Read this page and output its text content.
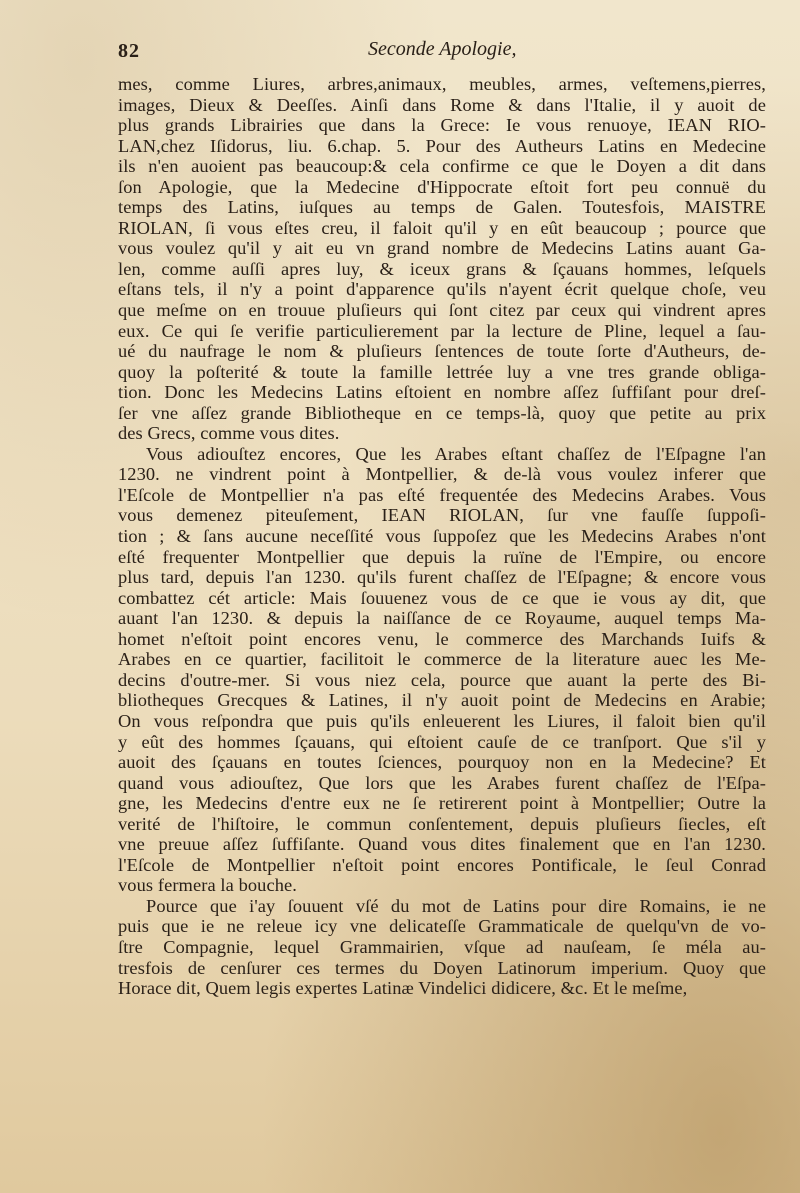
82	Seconde Apologie,
mes, comme Liures, arbres,animaux, meubles, armes, veſtemens,pierres,
images, Dieux & Deeſſes. Ainſi dans Rome & dans l'Italie, il y auoit de
plus grands Librairies que dans la Grece: Ie vous renuoye, IEAN RIO-
LAN,chez Iſidorus, liu. 6.chap. 5. Pour des Autheurs Latins en Medecine
ils n'en auoient pas beaucoup:& cela confirme ce que le Doyen a dit dans
ſon Apologie, que la Medecine d'Hippocrate eſtoit fort peu connuë du
temps des Latins, iuſques au temps de Galen. Toutesfois, MAISTRE
RIOLAN, ſi vous eſtes creu, il faloit qu'il y en eût beaucoup ; pource que
vous voulez qu'il y ait eu vn grand nombre de Medecins Latins auant Ga-
len, comme auſſi apres luy, & iceux grans & ſçauans hommes, leſquels
eſtans tels, il n'y a point d'apparence qu'ils n'ayent écrit quelque choſe, veu
que meſme on en trouue pluſieurs qui ſont citez par ceux qui vindrent apres
eux. Ce qui ſe verifie particulierement par la lecture de Pline, lequel a ſau-
ué du naufrage le nom & pluſieurs ſentences de toute ſorte d'Autheurs, de-
quoy la poſterité & toute la famille lettrée luy a vne tres grande obliga-
tion. Donc les Medecins Latins eſtoient en nombre aſſez ſuffiſant pour dreſ-
ſer vne aſſez grande Bibliotheque en ce temps-là, quoy que petite au prix
des Grecs, comme vous dites.
Vous adiouſtez encores, Que les Arabes eſtant chaſſez de l'Eſpagne l'an
1230. ne vindrent point à Montpellier, & de-là vous voulez inferer que
l'Eſcole de Montpellier n'a pas eſté frequentée des Medecins Arabes. Vous
vous demenez piteuſement, IEAN RIOLAN, ſur vne fauſſe ſuppoſi-
tion ; & ſans aucune neceſſité vous ſuppoſez que les Medecins Arabes n'ont
eſté frequenter Montpellier que depuis la ruïne de l'Empire, ou encore
plus tard, depuis l'an 1230. qu'ils furent chaſſez de l'Eſpagne; & encore vous
combattez cét article: Mais ſouuenez vous de ce que ie vous ay dit, que
auant l'an 1230. & depuis la naiſſance de ce Royaume, auquel temps Ma-
homet n'eſtoit point encores venu, le commerce des Marchands Iuifs &
Arabes en ce quartier, facilitoit le commerce de la literature auec les Me-
decins d'outre-mer. Si vous niez cela, pource que auant la perte des Bi-
bliotheques Grecques & Latines, il n'y auoit point de Medecins en Arabie;
On vous reſpondra que puis qu'ils enleuerent les Liures, il faloit bien qu'il
y eût des hommes ſçauans, qui eſtoient cauſe de ce tranſport. Que s'il y
auoit des ſçauans en toutes ſciences, pourquoy non en la Medecine? Et
quand vous adiouſtez, Que lors que les Arabes furent chaſſez de l'Eſpa-
gne, les Medecins d'entre eux ne ſe retirerent point à Montpellier; Outre la
verité de l'hiſtoire, le commun conſentement, depuis pluſieurs ſiecles, eſt
vne preuue aſſez ſuffiſante. Quand vous dites finalement que en l'an 1230.
l'Eſcole de Montpellier n'eſtoit point encores Pontificale, le ſeul Conrad
vous fermera la bouche.
Pource que i'ay ſouuent vſé du mot de Latins pour dire Romains, ie ne
puis que ie ne releue icy vne delicateſſe Grammaticale de quelqu'vn de vo-
ſtre Compagnie, lequel Grammairien, vſque ad nauſeam, ſe méla au-
tresfois de cenſurer ces termes du Doyen Latinorum imperium. Quoy que
Horace dit, Quem legis expertes Latinæ Vindelici didicere, &c. Et le meſme,
